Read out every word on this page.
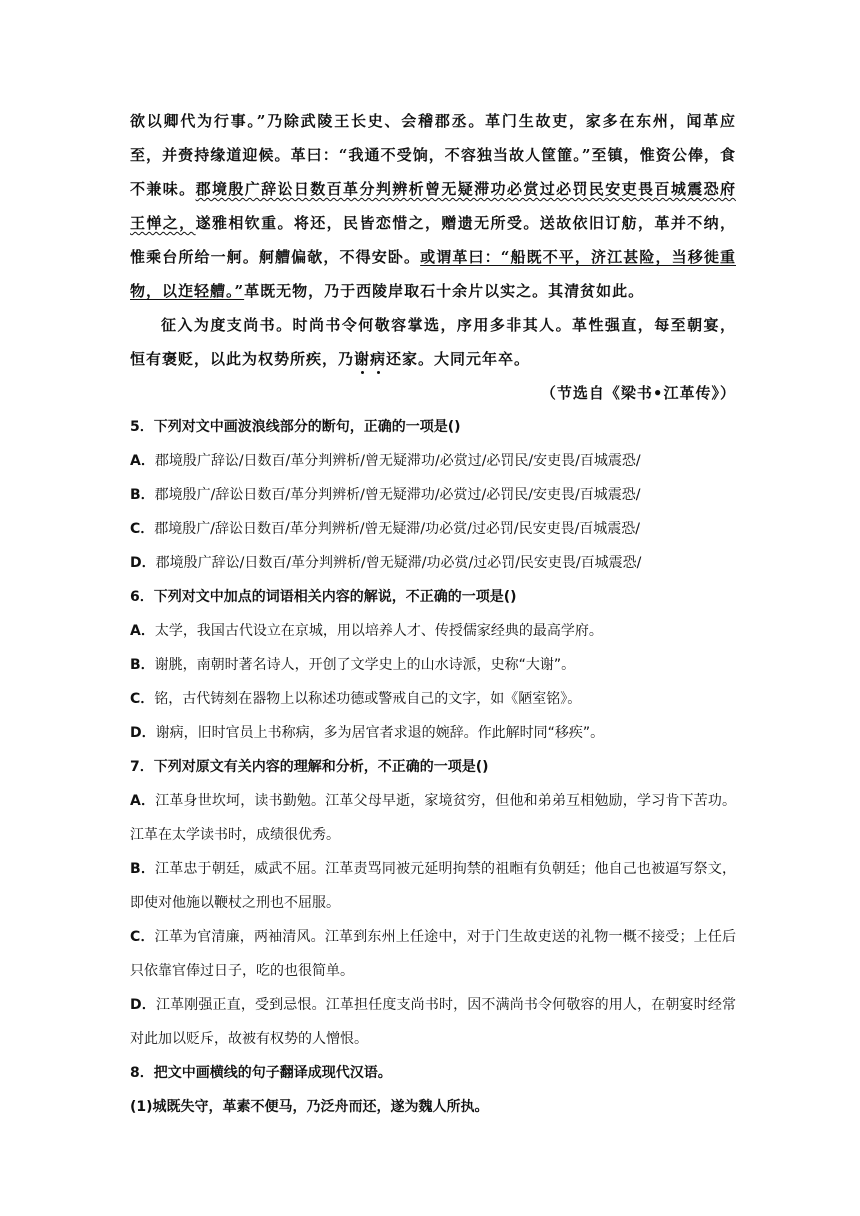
欲以卿代为行事。”乃除武陵王长史、会稽郡丞。革门生故吏，家多在东州，闻革应至，并赍持缘道迎候。革曰：“我通不受饷，不容独当故人筐篚。”至镇，惟资公俸，食不兼味。郡境殷广辞讼日数百革分判辨析曾无疑滞功必赏过必罚民安吏畏百城震恐府王惮之，遂雅相钦重。将还，民皆恋惜之，赠遗无所受。送故依旧订舫，革并不纳，惟乘台所给一舸。舸艚偏欹，不得安卧。或谓革曰：“船既不平，济江甚险，当移徙重物，以迮轻艚。”革既无物，乃于西陵岸取石十余片以实之。其清贫如此。

征入为度支尚书。时尚书令何敬容掌选，序用多非其人。革性强直，每至朝宴，恒有褒贬，以此为权势所疾，乃谢病还家。大同元年卒。

（节选自《梁书•江革传》）

5．下列对文中画波浪线部分的断句，正确的一项是()

A．郡境殷广辞讼/日数百/革分判辨析/曾无疑滞功/必赏过/必罚民/安吏畏/百城震恐/

B．郡境殷广/辞讼日数百/革分判辨析/曾无疑滞功/必赏过/必罚民/安吏畏/百城震恐/

C．郡境殷广/辞讼日数百/革分判辨析/曾无疑滞/功必赏/过必罚/民安吏畏/百城震恐/

D．郡境殷广辞讼/日数百/革分判辨析/曾无疑滞/功必赏/过必罚/民安吏畏/百城震恐/

6．下列对文中加点的词语相关内容的解说，不正确的一项是()

A．太学，我国古代设立在京城，用以培养人才、传授儒家经典的最高学府。

B．谢朓，南朝时著名诗人，开创了文学史上的山水诗派，史称“大谢”。

C．铭，古代铸刻在器物上以称述功德或警戒自己的文字，如《陋室铭》。

D．谢病，旧时官员上书称病，多为居官者求退的婉辞。作此解时同“移疾”。

7．下列对原文有关内容的理解和分析，不正确的一项是()

A．江革身世坎坷，读书勤勉。江革父母早逝，家境贫穷，但他和弟弟互相勉励，学习肯下苦功。江革在太学读书时，成绩很优秀。

B．江革忠于朝廷，威武不屈。江革责骂同被元延明拘禁的祖暅有负朝廷；他自己也被逼写祭文，即使对他施以鞭杖之刑也不屈服。

C．江革为官清廉，两袖清风。江革到东州上任途中，对于门生故吏送的礼物一概不接受；上任后只依靠官俸过日子，吃的也很简单。

D．江革刚强正直，受到忌恨。江革担任度支尚书时，因不满尚书令何敬容的用人，在朝宴时经常对此加以贬斥，故被有权势的人憎恨。

8．把文中画横线的句子翻译成现代汉语。

(1)城既失守，革素不便马，乃泛舟而还，遂为魏人所执。
